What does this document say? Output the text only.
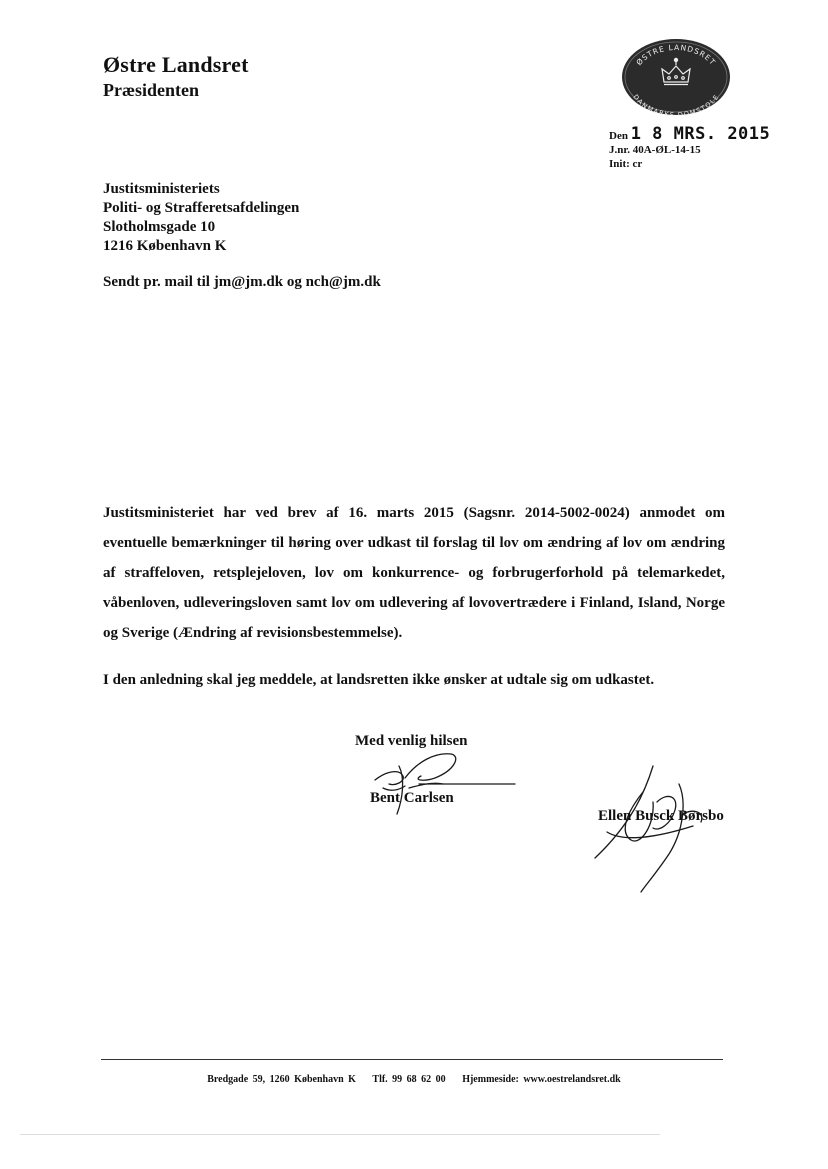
Østre Landsret
Præsidenten
ØSTRE LANDSRET
DANMARKS DOMSTOLE
Den 1 8 MRS. 2015
J.nr. 40A-ØL-14-15
Init: cr
Justitsministeriets
Politi- og Strafferetsafdelingen
Slotholmsgade 10
1216 København K
Sendt pr. mail til jm@jm.dk og nch@jm.dk
Justitsministeriet har ved brev af 16. marts 2015 (Sagsnr. 2014-5002-0024) anmodet om eventuelle bemærkninger til høring over udkast til forslag til lov om ændring af lov om ændring af straffeloven, retsplejeloven, lov om konkurrence- og forbrugerforhold på telemarkedet, våbenloven, udleveringsloven samt lov om udlevering af lovovertrædere i Finland, Island, Norge og Sverige (Ændring af revisionsbestemmelse).
I den anledning skal jeg meddele, at landsretten ikke ønsker at udtale sig om udkastet.
Med venlig hilsen
Bent Carlsen
Ellen Busck Børsbo
Bredgade 59, 1260 København K Tlf. 99 68 62 00 Hjemmeside: www.oestrelandsret.dk
